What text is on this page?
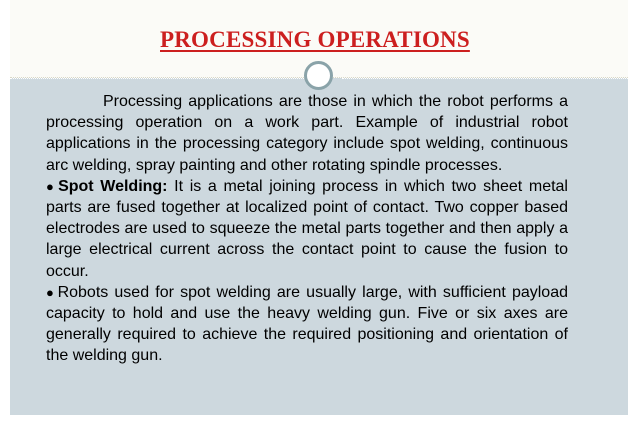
PROCESSING OPERATIONS

Processing applications are those in which the robot performs a processing operation on a work part. Example of industrial robot applications in the processing category include spot welding, continuous arc welding, spray painting and other rotating spindle processes.

● Spot Welding: It is a metal joining process in which two sheet metal parts are fused together at localized point of contact. Two copper based electrodes are used to squeeze the metal parts together and then apply a large electrical current across the contact point to cause the fusion to occur.

● Robots used for spot welding are usually large, with sufficient payload capacity to hold and use the heavy welding gun. Five or six axes are generally required to achieve the required positioning and orientation of the welding gun.
